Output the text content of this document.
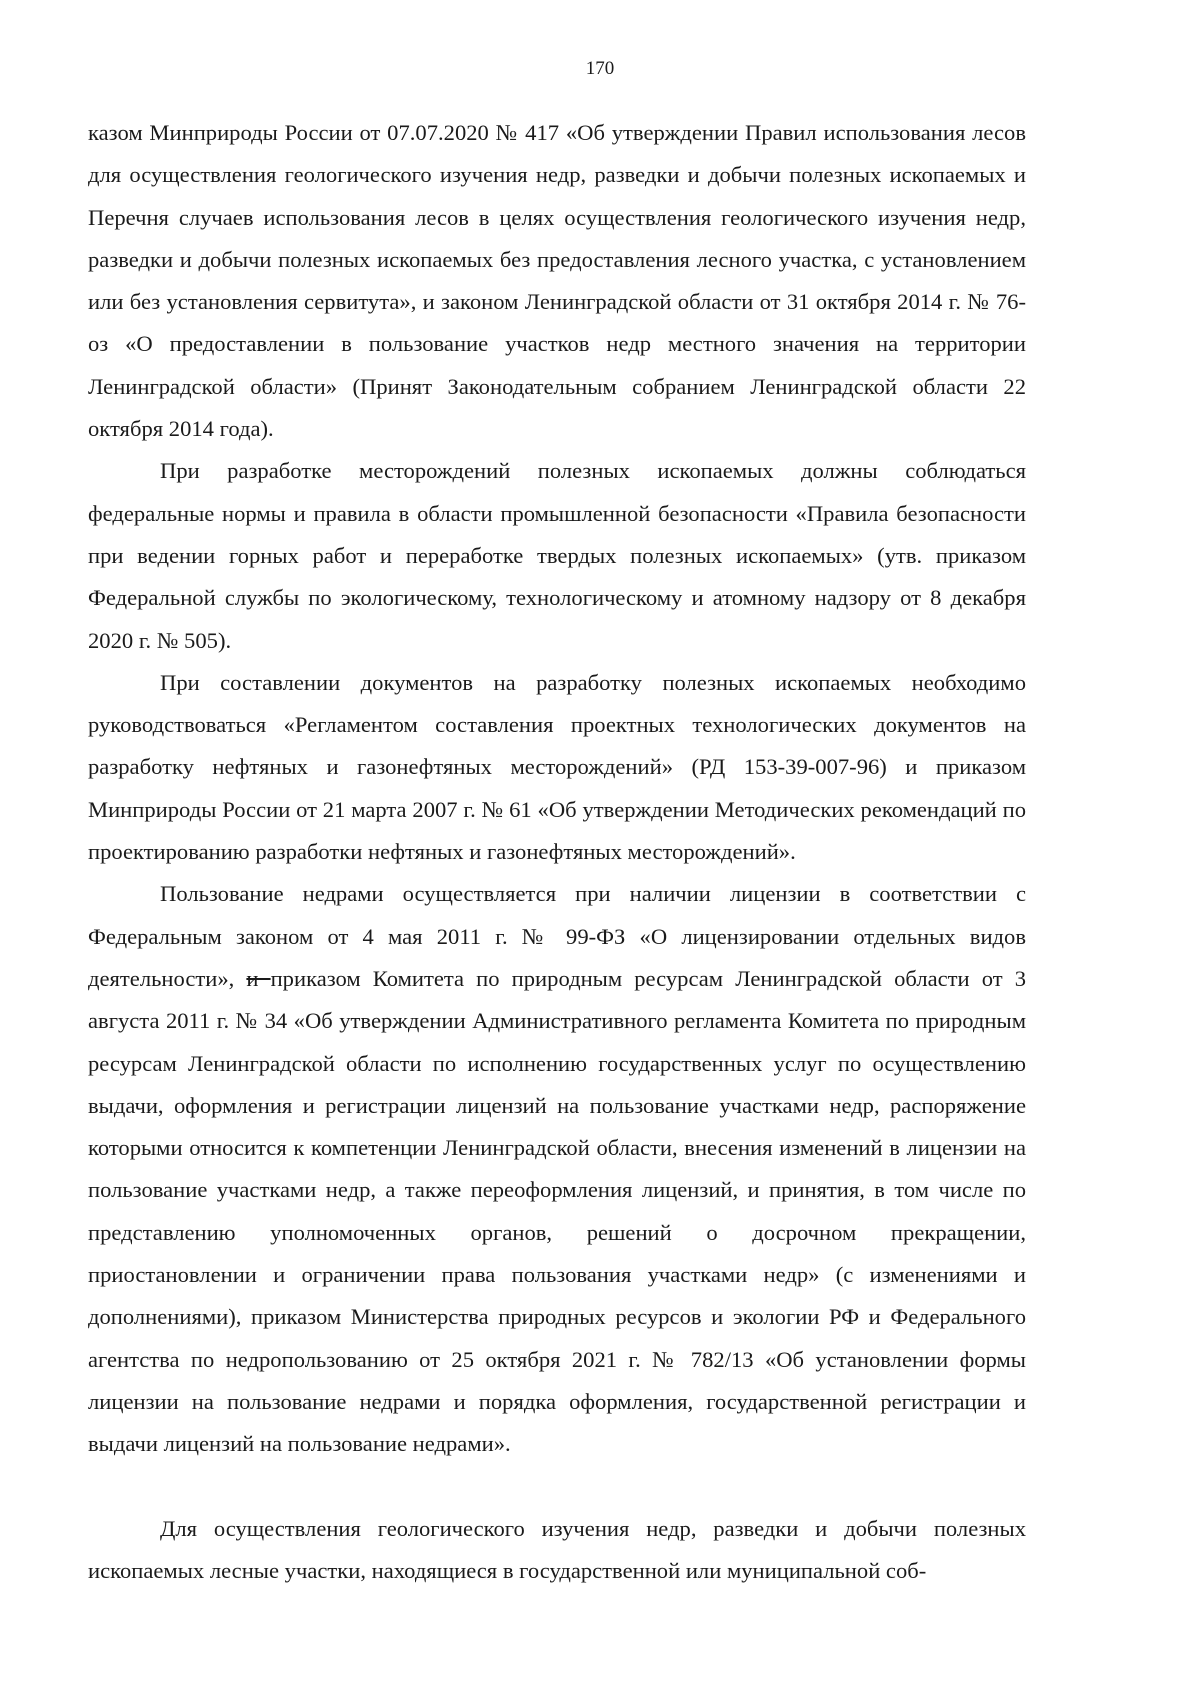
170

казом Минприроды России от 07.07.2020 № 417 «Об утверждении Правил использования лесов для осуществления геологического изучения недр, разведки и добычи полезных ископаемых и Перечня случаев использования лесов в целях осуществления геологического изучения недр, разведки и добычи полезных ископаемых без предоставления лесного участка, с установлением или без установления сервитута», и законом Ленинградской области от 31 октября 2014 г. № 76-оз «О предоставлении в пользование участков недр местного значения на территории Ленинградской области» (Принят Законодательным собранием Ленинградской области 22 октября 2014 года).

При разработке месторождений полезных ископаемых должны соблюдаться федеральные нормы и правила в области промышленной безопасности «Правила безопасности при ведении горных работ и переработке твердых полезных ископаемых» (утв. приказом Федеральной службы по экологическому, технологическому и атомному надзору от 8 декабря 2020 г. № 505).

При составлении документов на разработку полезных ископаемых необходимо руководствоваться «Регламентом составления проектных технологических документов на разработку нефтяных и газонефтяных месторождений» (РД 153-39-007-96) и приказом Минприроды России от 21 марта 2007 г. № 61 «Об утверждении Методических рекомендаций по проектированию разработки нефтяных и газонефтяных месторождений».

Пользование недрами осуществляется при наличии лицензии в соответствии с Федеральным законом от 4 мая 2011 г. № 99-ФЗ «О лицензировании отдельных видов деятельности», и приказом Комитета по природным ресурсам Ленинградской области от 3 августа 2011 г. № 34 «Об утверждении Административного регламента Комитета по природным ресурсам Ленинградской области по исполнению государственных услуг по осуществлению выдачи, оформления и регистрации лицензий на пользование участками недр, распоряжение которыми относится к компетенции Ленинградской области, внесения изменений в лицензии на пользование участками недр, а также переоформления лицензий, и принятия, в том числе по представлению уполномоченных органов, решений о досрочном прекращении, приостановлении и ограничении права пользования участками недр» (с изменениями и дополнениями), приказом Министерства природных ресурсов и экологии РФ и Федерального агентства по недропользованию от 25 октября 2021 г. № 782/13 «Об установлении формы лицензии на пользование недрами и порядка оформления, государственной регистрации и выдачи лицензий на пользование недрами».

Для осуществления геологического изучения недр, разведки и добычи полезных ископаемых лесные участки, находящиеся в государственной или муниципальной соб-
